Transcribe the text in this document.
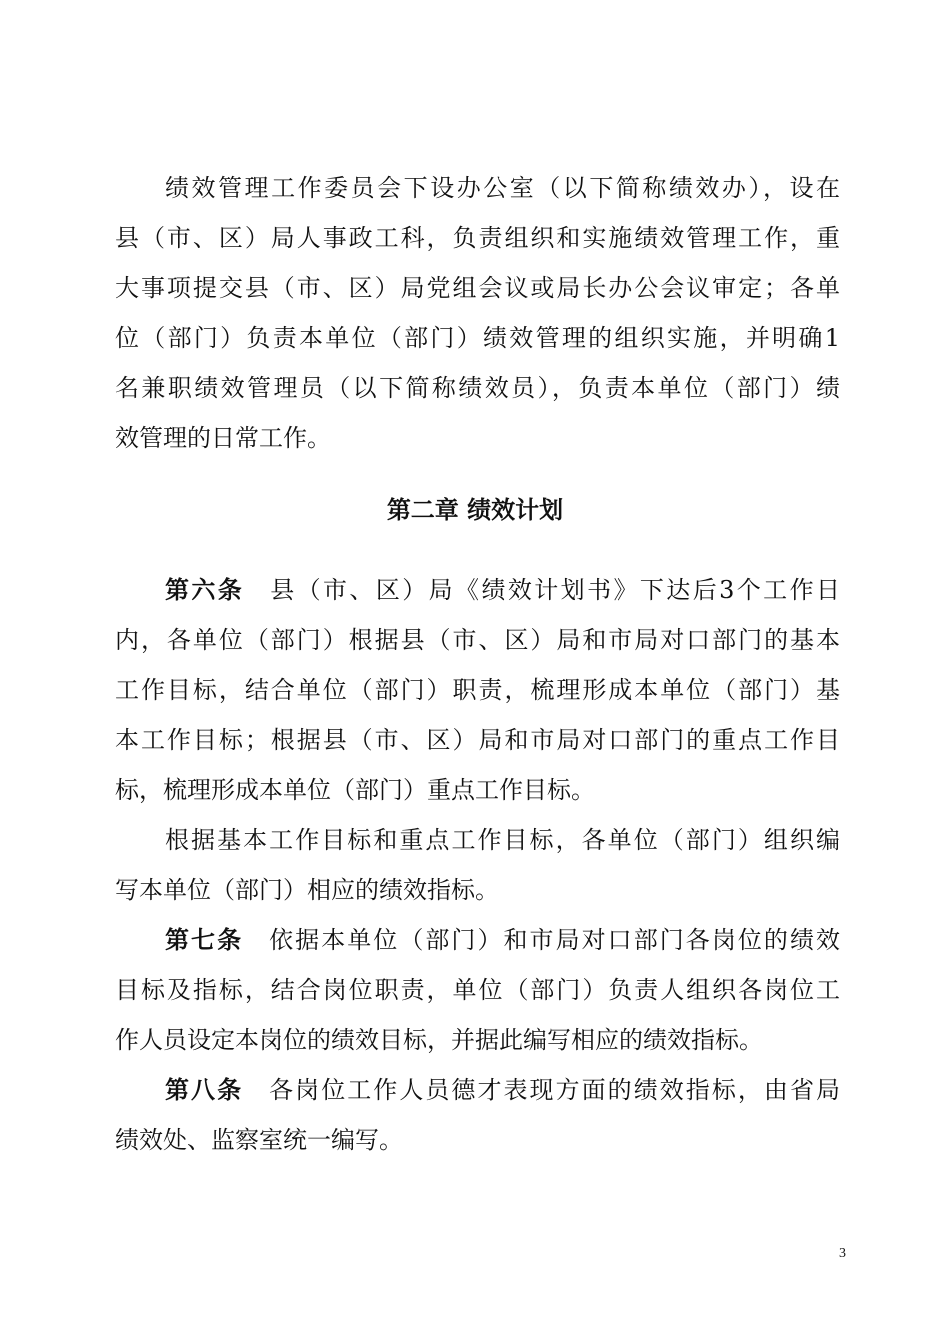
绩效管理工作委员会下设办公室（以下简称绩效办），设在
县（市、区）局人事政工科，负责组织和实施绩效管理工作，重
大事项提交县（市、区）局党组会议或局长办公会议审定；各单
位（部门）负责本单位（部门）绩效管理的组织实施，并明确1
名兼职绩效管理员（以下简称绩效员），负责本单位（部门）绩
效管理的日常工作。
第二章 绩效计划
第六条 县（市、区）局《绩效计划书》下达后3个工作日
内，各单位（部门）根据县（市、区）局和市局对口部门的基本
工作目标，结合单位（部门）职责，梳理形成本单位（部门）基
本工作目标；根据县（市、区）局和市局对口部门的重点工作目
标，梳理形成本单位（部门）重点工作目标。
根据基本工作目标和重点工作目标，各单位（部门）组织编
写本单位（部门）相应的绩效指标。
第七条 依据本单位（部门）和市局对口部门各岗位的绩效
目标及指标，结合岗位职责，单位（部门）负责人组织各岗位工
作人员设定本岗位的绩效目标，并据此编写相应的绩效指标。
第八条 各岗位工作人员德才表现方面的绩效指标，由省局
绩效处、监察室统一编写。
3
